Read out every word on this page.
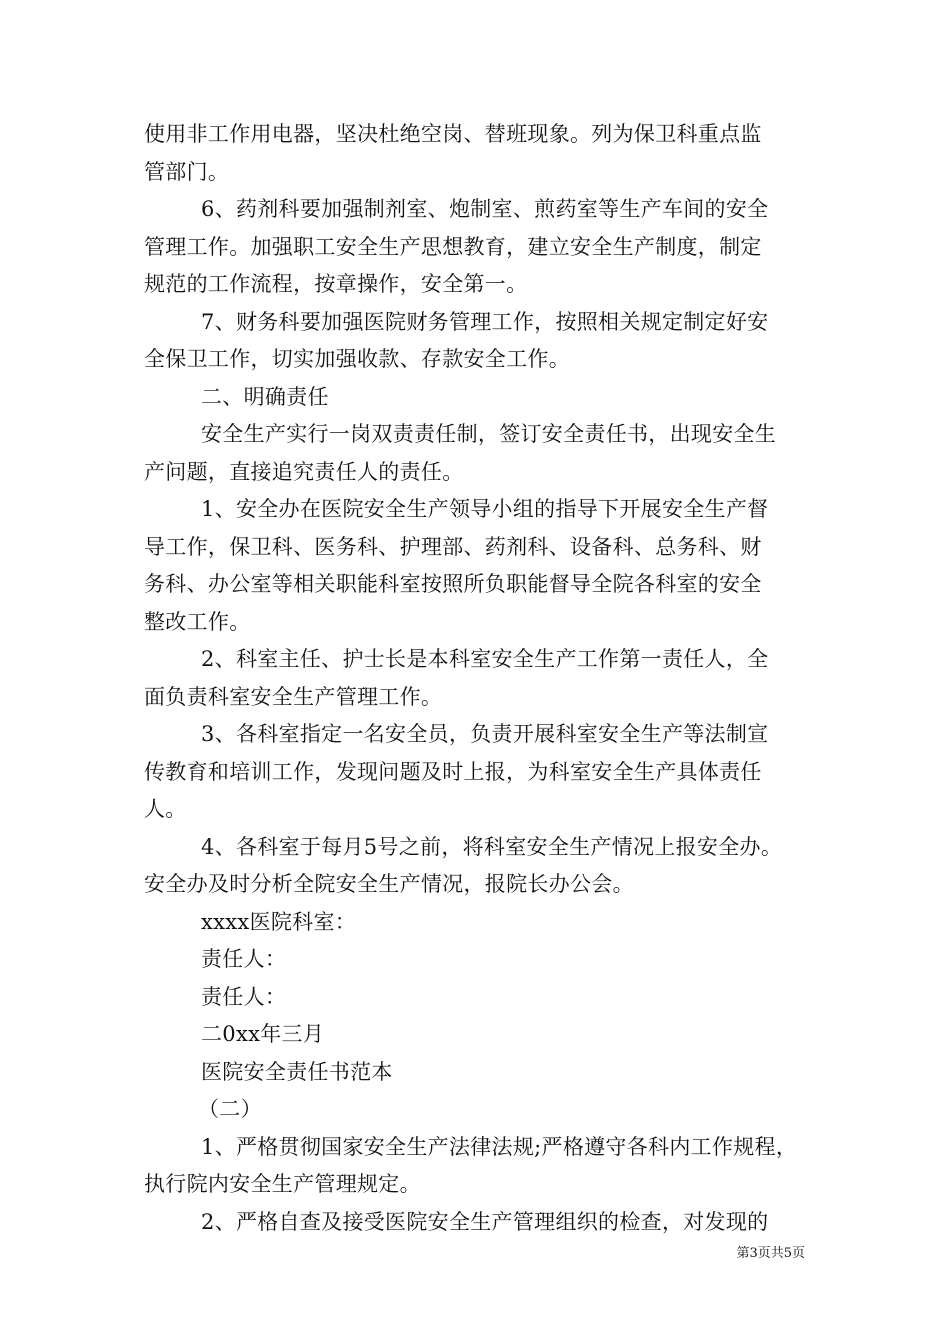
使用非工作用电器，坚决杜绝空岗、替班现象。列为保卫科重点监
管部门。
6、药剂科要加强制剂室、炮制室、煎药室等生产车间的安全
管理工作。加强职工安全生产思想教育，建立安全生产制度，制定
规范的工作流程，按章操作，安全第一。
7、财务科要加强医院财务管理工作，按照相关规定制定好安
全保卫工作，切实加强收款、存款安全工作。
二、明确责任
安全生产实行一岗双责责任制，签订安全责任书，出现安全生
产问题，直接追究责任人的责任。
1、安全办在医院安全生产领导小组的指导下开展安全生产督
导工作，保卫科、医务科、护理部、药剂科、设备科、总务科、财
务科、办公室等相关职能科室按照所负职能督导全院各科室的安全
整改工作。
2、科室主任、护士长是本科室安全生产工作第一责任人，全
面负责科室安全生产管理工作。
3、各科室指定一名安全员，负责开展科室安全生产等法制宣
传教育和培训工作，发现问题及时上报，为科室安全生产具体责任
人。
4、各科室于每月5号之前，将科室安全生产情况上报安全办。
安全办及时分析全院安全生产情况，报院长办公会。
xxxx医院科室：
责任人：
责任人：
二0xx年三月
医院安全责任书范本
（二）
1、严格贯彻国家安全生产法律法规;严格遵守各科内工作规程，
执行院内安全生产管理规定。
2、严格自查及接受医院安全生产管理组织的检查，对发现的
第3页共5页
